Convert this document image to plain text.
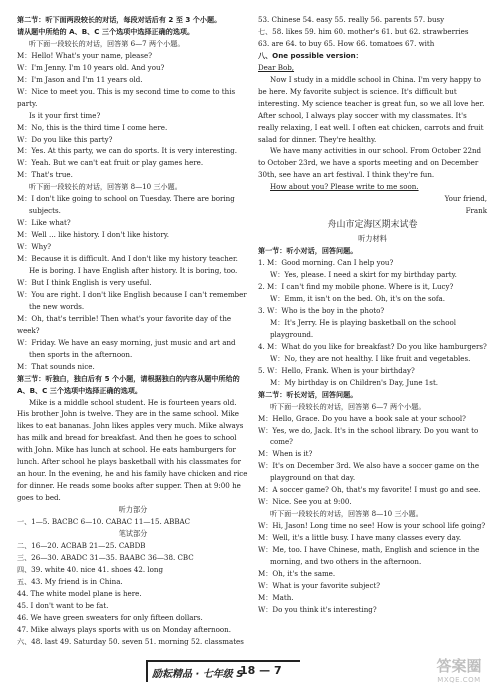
第二节：听下面两段较长的对话，每段对话后有 2 至 3 个小题。

请从题中所给的 A、B、C 三个选项中选择正确的选项。

听下面一段较长的对话，回答第 6—7 两个小题。

M：Hello! What's your name, please?

W：I'm Jenny. I'm 10 years old. And you?

M：I'm Jason and I'm 11 years old.

W：Nice to meet you. This is my second time to come to this party.

Is it your first time?

M：No, this is the third time I come here.

W：Do you like this party?

M：Yes. At this party, we can do sports. It is very interesting.

W：Yeah. But we can't eat fruit or play games here.

M：That's true.

听下面一段较长的对话，回答第 8—10 三小题。

M：I don't like going to school on Tuesday. There are boring subjects.

W：Like what?

M：Well ... like history. I don't like history.

W：Why?

M：Because it is difficult. And I don't like my history teacher. He is boring. I have English after history. It is boring, too.

W：But I think English is very useful.

W：You are right. I don't like English because I can't remember the new words.

M：Oh, that's terrible! Then what's your favorite day of the week?

W：Friday. We have an easy morning, just music and art and then sports in the afternoon.

M：That sounds nice.

第三节：听独白，独白后有 5 个小题，请根据独白的内容从题中所给的 A、B、C 三个选项中选择正确的选项。

Mike is a middle school student. He is fourteen years old. His brother John is twelve. They are in the same school. Mike likes to eat bananas. John likes apples very much. Mike always has milk and bread for breakfast. And then he goes to school with John. Mike has lunch at school. He eats hamburgers for lunch. After school he plays basketball with his classmates for an hour. In the evening, he and his family have chicken and rice for dinner. He reads some books after supper. Then at 9:00 he goes to bed.

听力部分

一、1—5. BACBC 6—10. CABAC 11—15. ABBAC

笔试部分

二、16—20. ACBAB 21—25. CABDB

三、26—30. ABADC 31—35. BAABC 36—38. CBC

四、39. white 40. nice 41. shoes 42. long

五、43. My friend is in China.

44. The white model plane is here.

45. I don't want to be fat.

46. We have green sweaters for only fifteen dollars.

47. Mike always plays sports with us on Monday afternoon.

六、48. last 49. Saturday 50. seven 51. morning 52. classmates

53. Chinese 54. easy 55. really 56. parents 57. busy

七、58. likes 59. him 60. mother's 61. but 62. strawberries

63. are 64. to buy 65. How 66. tomatoes 67. with

八、One possible version：

Dear Bob,

Now I study in a middle school in China. I'm very happy to be here. My favorite subject is science. It's difficult but interesting. My science teacher is great fun, so we all love her. After school, I always play soccer with my classmates. It's really relaxing, I eat well. I often eat chicken, carrots and fruit salad for dinner. They're healthy.

We have many activities in our school. From October 22nd to October 23rd, we have a sports meeting and on December 30th, see have an art festival. I think they're fun.

How about you? Please write to me soon.

Your friend,

Frank

舟山市定海区期末试卷

听力材料

第一节：听小对话，回答问题。

1. M：Good morning. Can I help you?

W：Yes, please. I need a skirt for my birthday party.

2. M：I can't find my mobile phone. Where is it, Lucy?

W：Emm, it isn't on the bed. Oh, it's on the sofa.

3. W：Who is the boy in the photo?

M：It's Jerry. He is playing basketball on the school playground.

4. M：What do you like for breakfast? Do you like hamburgers?

W：No, they are not healthy. I like fruit and vegetables.

5. W：Hello, Frank. When is your birthday?

M：My birthday is on Children's Day, June 1st.

第二节：听长对话，回答问题。

听下面一段较长的对话，回答第 6—7 两个小题。

M：Hello, Grace. Do you have a book sale at your school?

W：Yes, we do, Jack. It's in the school library. Do you want to come?

M：When is it?

W：It's on December 3rd. We also have a soccer game on the playground on that day.

M：A soccer game? Oh, that's my favorite! I must go and see.

W：Nice. See you at 9:00.

听下面一段较长的对话，回答第 8—10 三小题。

W：Hi, Jason! Long time no see! How is your school life going?

M：Well, it's a little busy. I have many classes every day.

W：Me, too. I have Chinese, math, English and science in the morning, and two others in the afternoon.

M：Oh, it's the same.

W：What is your favorite subject?

M：Math.

W：Do you think it's interesting?

励耘精品 · 七年级 S
18 — 7	答案圈
MXQE.COM
